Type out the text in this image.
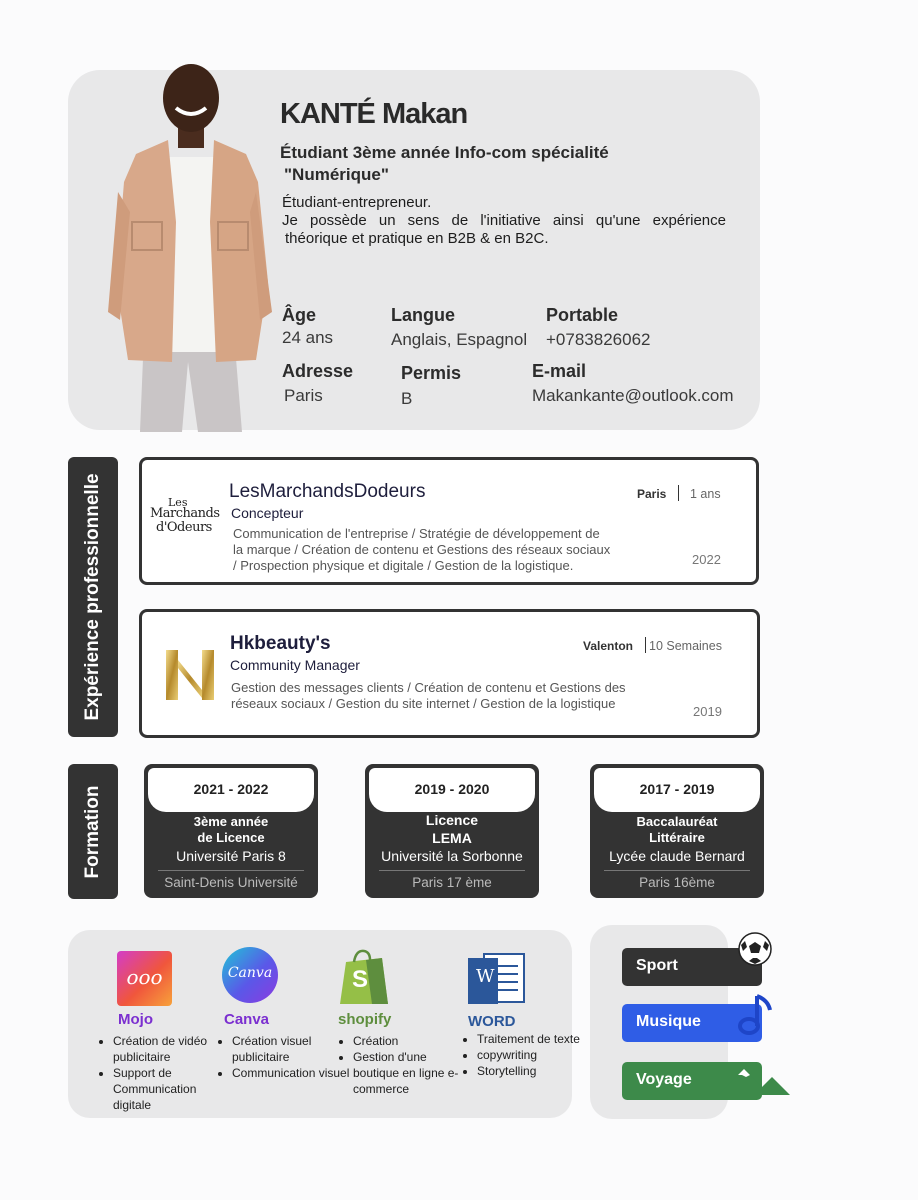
KANTÉ Makan
Étudiant 3ème année Info-com spécialité
"Numérique"

Étudiant-entrepreneur.

Je possède un sens de l'initiative ainsi qu'une expérience

théorique et pratique en B2B & en B2C.

Âge
24 ans
Langue
Anglais, Espagnol
Portable
+0783826062
Adresse
Paris
Permis
B
E-mail
Makankante@outlook.com
Expérience professionnelle	Les
Marchands
d'Odeurs
LesMarchandsDodeurs
Concepteur
Communication de l'entreprise / Stratégie de développement de
la marque / Création de contenu et Gestions des réseaux sociaux
/ Prospection physique et digitale / Gestion de la logistique.
Paris 1 ans
2022
Hkbeauty's
Community Manager
Gestion des messages clients / Création de contenu et Gestions des
réseaux sociaux / Gestion du site internet / Gestion de la logistique
Valenton 10 Semaines
2019
Formation	2021 - 2022
3ème année
de Licence
Université Paris 8
Saint-Denis Université
2019 - 2020
Licence
LEMA
Université la Sorbonne
Paris 17 ème
2017 - 2019
Baccalauréat
Littéraire
Lycée claude Bernard
Paris 16ème
ooo
Mojo
• Création de vidéo publicitaire
• Support de Communication digitale
Canva
Canva
• Création visuel publicitaire
• Communication visuel
S
shopify
• Création
• Gestion d'une boutique en ligne e-commerce
W
WORD
• Traitement de texte
• copywriting
• Storytelling
Sport
Musique
Voyage
